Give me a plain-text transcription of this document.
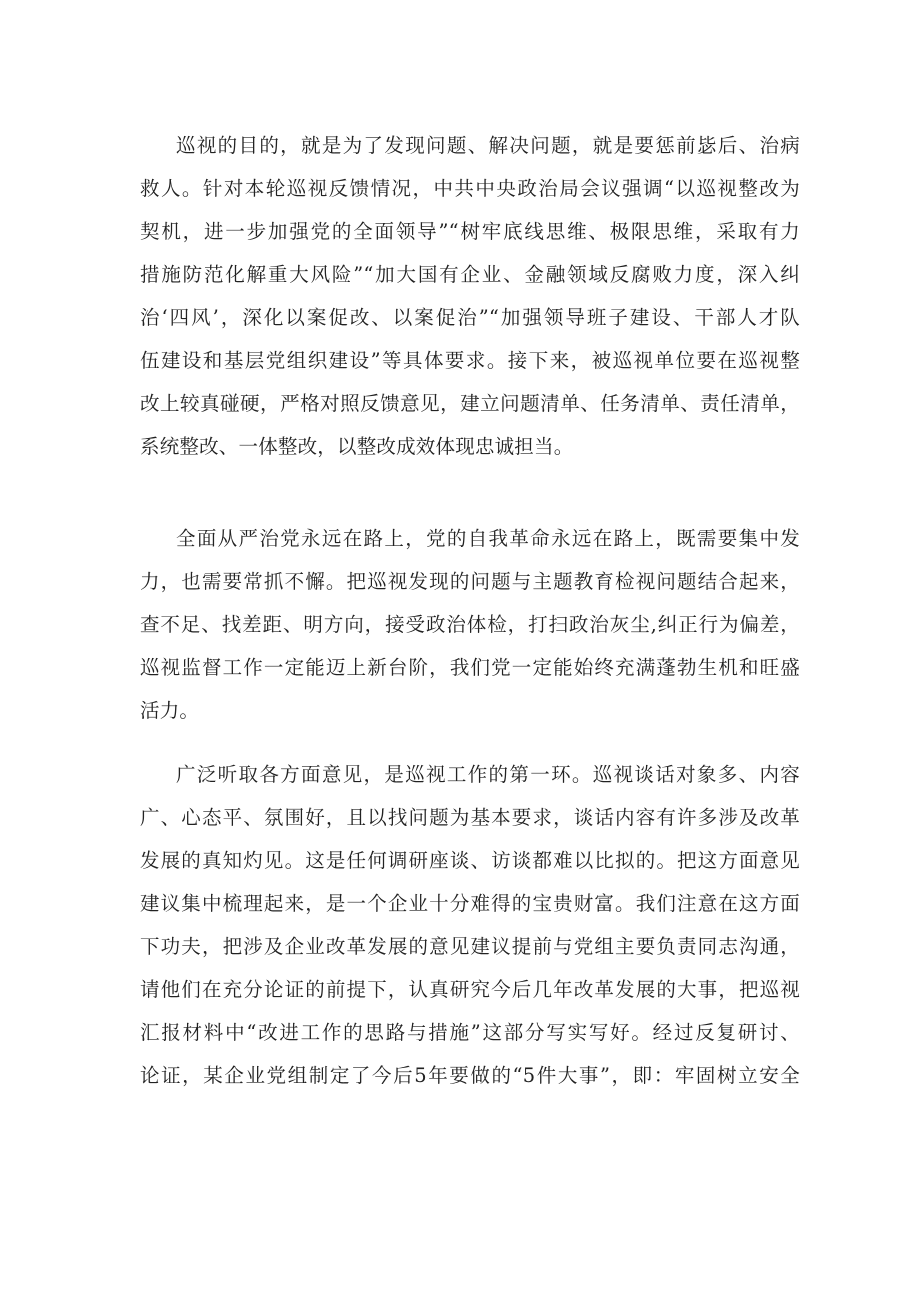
巡视的目的，就是为了发现问题、解决问题，就是要惩前毖后、治病
救人。针对本轮巡视反馈情况，中共中央政治局会议强调“以巡视整改为
契机，进一步加强党的全面领导”“树牢底线思维、极限思维，采取有力
措施防范化解重大风险”“加大国有企业、金融领域反腐败力度，深入纠
治‘四风’，深化以案促改、以案促治”“加强领导班子建设、干部人才队
伍建设和基层党组织建设”等具体要求。接下来，被巡视单位要在巡视整
改上较真碰硬，严格对照反馈意见，建立问题清单、任务清单、责任清单，
系统整改、一体整改，以整改成效体现忠诚担当。
全面从严治党永远在路上，党的自我革命永远在路上，既需要集中发
力，也需要常抓不懈。把巡视发现的问题与主题教育检视问题结合起来，
查不足、找差距、明方向，接受政治体检，打扫政治灰尘,纠正行为偏差，
巡视监督工作一定能迈上新台阶，我们党一定能始终充满蓬勃生机和旺盛
活力。
广泛听取各方面意见，是巡视工作的第一环。巡视谈话对象多、内容
广、心态平、氛围好，且以找问题为基本要求，谈话内容有许多涉及改革
发展的真知灼见。这是任何调研座谈、访谈都难以比拟的。把这方面意见
建议集中梳理起来，是一个企业十分难得的宝贵财富。我们注意在这方面
下功夫，把涉及企业改革发展的意见建议提前与党组主要负责同志沟通，
请他们在充分论证的前提下，认真研究今后几年改革发展的大事，把巡视
汇报材料中“改进工作的思路与措施”这部分写实写好。经过反复研讨、
论证，某企业党组制定了今后5年要做的“5件大事”，即：牢固树立安全
